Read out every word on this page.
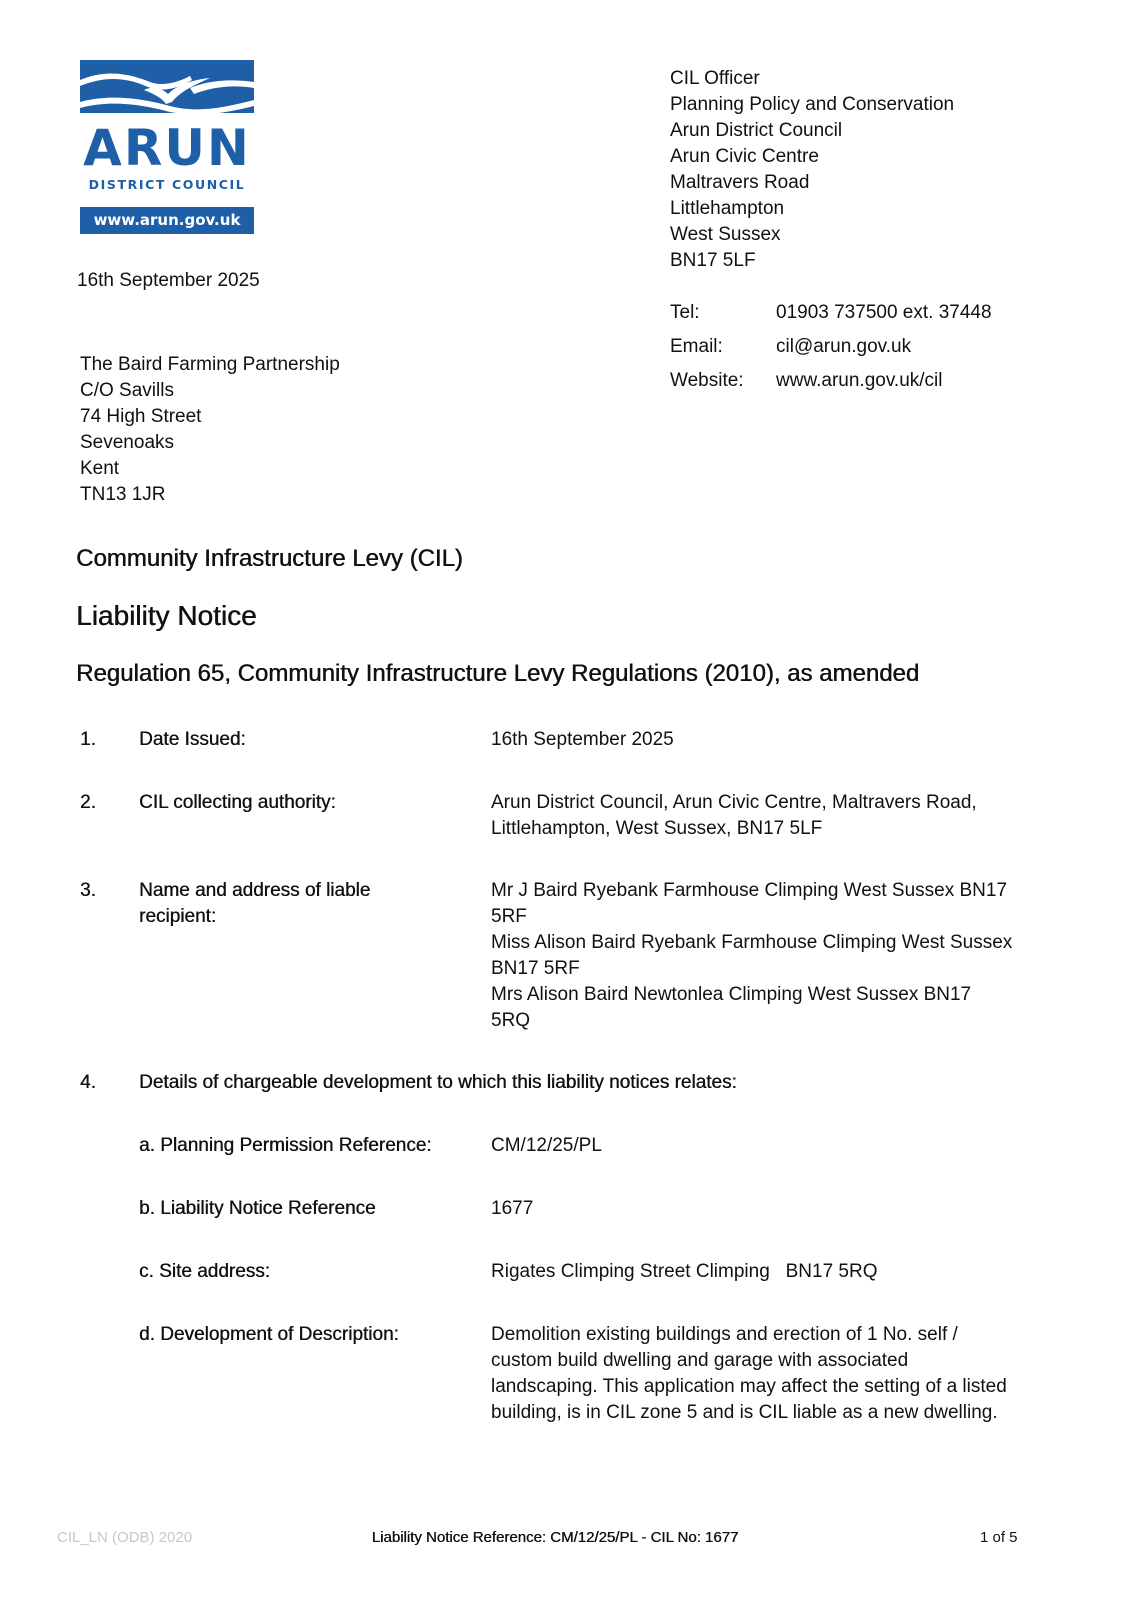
ARUN
DISTRICT COUNCIL
www.arun.gov.uk
CIL Officer
Planning Policy and Conservation
Arun District Council
Arun Civic Centre
Maltravers Road
Littlehampton
West Sussex
BN17 5LF
Tel:	01903 737500 ext. 37448
Email:	cil@arun.gov.uk
Website:	www.arun.gov.uk/cil
16th September 2025
The Baird Farming Partnership
C/O Savills
74 High Street
Sevenoaks
Kent
TN13 1JR
Community Infrastructure Levy (CIL)
Liability Notice
Regulation 65, Community Infrastructure Levy Regulations (2010), as amended
1. Date Issued:	16th September 2025
2. CIL collecting authority:	Arun District Council, Arun Civic Centre, Maltravers Road,
Littlehampton, West Sussex, BN17 5LF
3. Name and address of liable
recipient:
Mr J Baird Ryebank Farmhouse Climping West Sussex BN17
5RF
Miss Alison Baird Ryebank Farmhouse Climping West Sussex
BN17 5RF
Mrs Alison Baird Newtonlea Climping West Sussex BN17
5RQ
4. Details of chargeable development to which this liability notices relates:
a. Planning Permission Reference:	CM/12/25/PL
b. Liability Notice Reference	1677
c. Site address:	Rigates Climping Street Climping   BN17 5RQ
d. Development of Description:	Demolition existing buildings and erection of 1 No. self /
custom build dwelling and garage with associated
landscaping. This application may affect the setting of a listed
building, is in CIL zone 5 and is CIL liable as a new dwelling.
CIL_LN (ODB) 2020	Liability Notice Reference: CM/12/25/PL - CIL No: 1677	1 of 5
